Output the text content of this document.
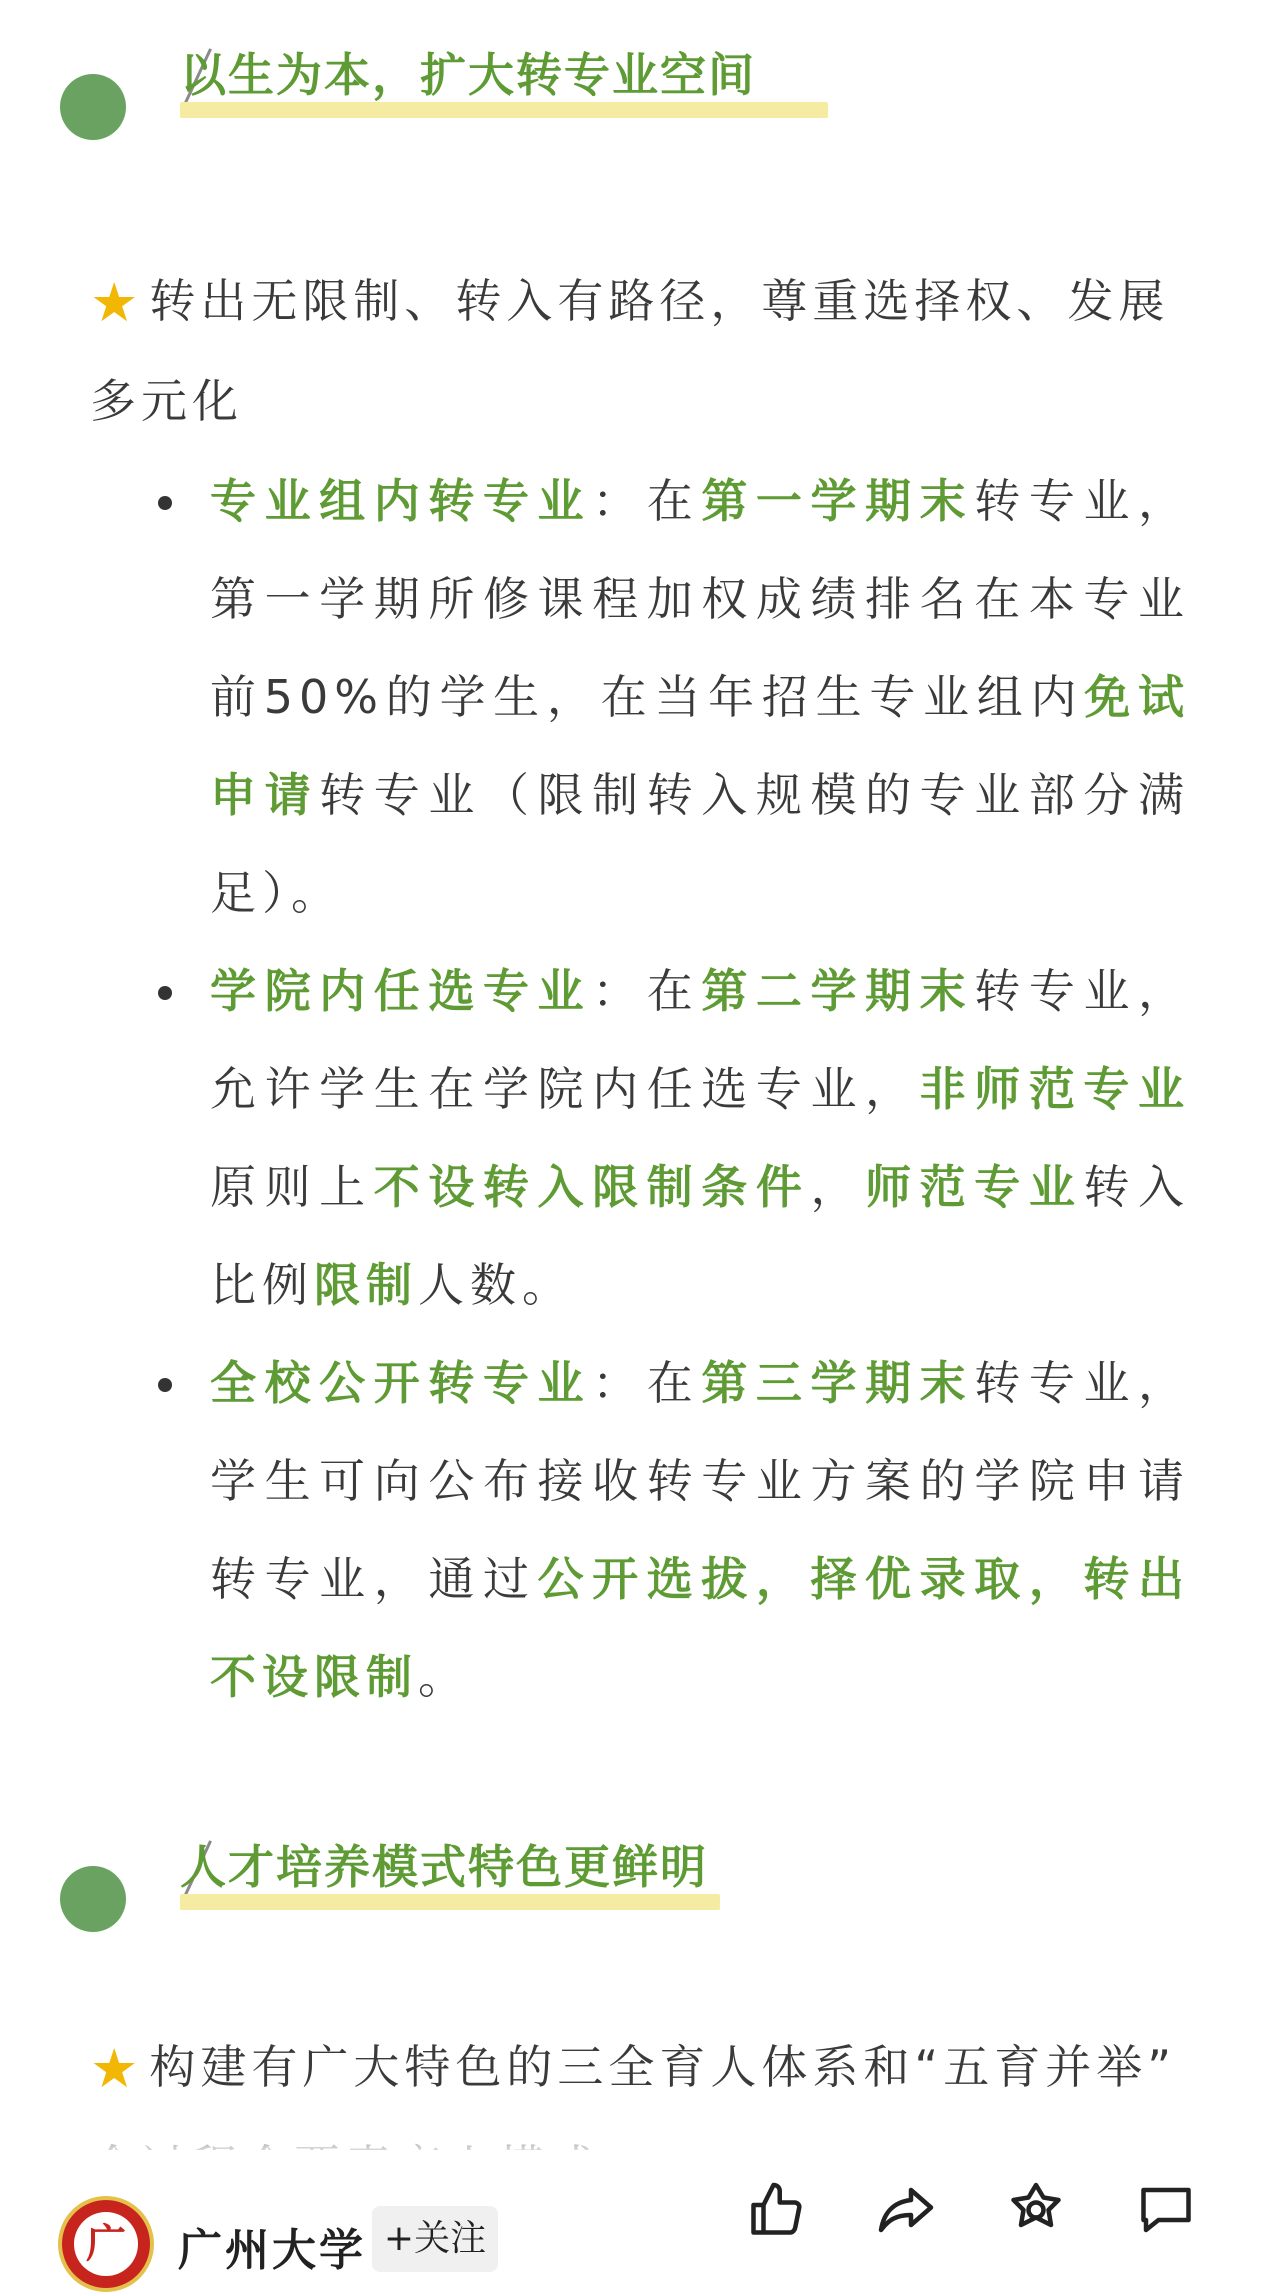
以生为本，扩大转专业空间
★ 转出无限制、转入有路径，尊重选择权、发展
多元化
专业组内转专业：在第一学期末转专业，第一学期所修课程加权成绩排名在本专业前50%的学生，在当年招生专业组内免试申请转专业（限制转入规模的专业部分满足）。
学院内任选专业：在第二学期末转专业，允许学生在学院内任选专业，非师范专业原则上不设转入限制条件，师范专业转入比例限制人数。
全校公开转专业：在第三学期末转专业，学生可向公布接收转专业方案的学院申请转专业，通过公开选拔，择优录取，转出不设限制。
人才培养模式特色更鲜明
★ 构建有广大特色的三全育人体系和“五育并举”

广 广州大学 +关注
